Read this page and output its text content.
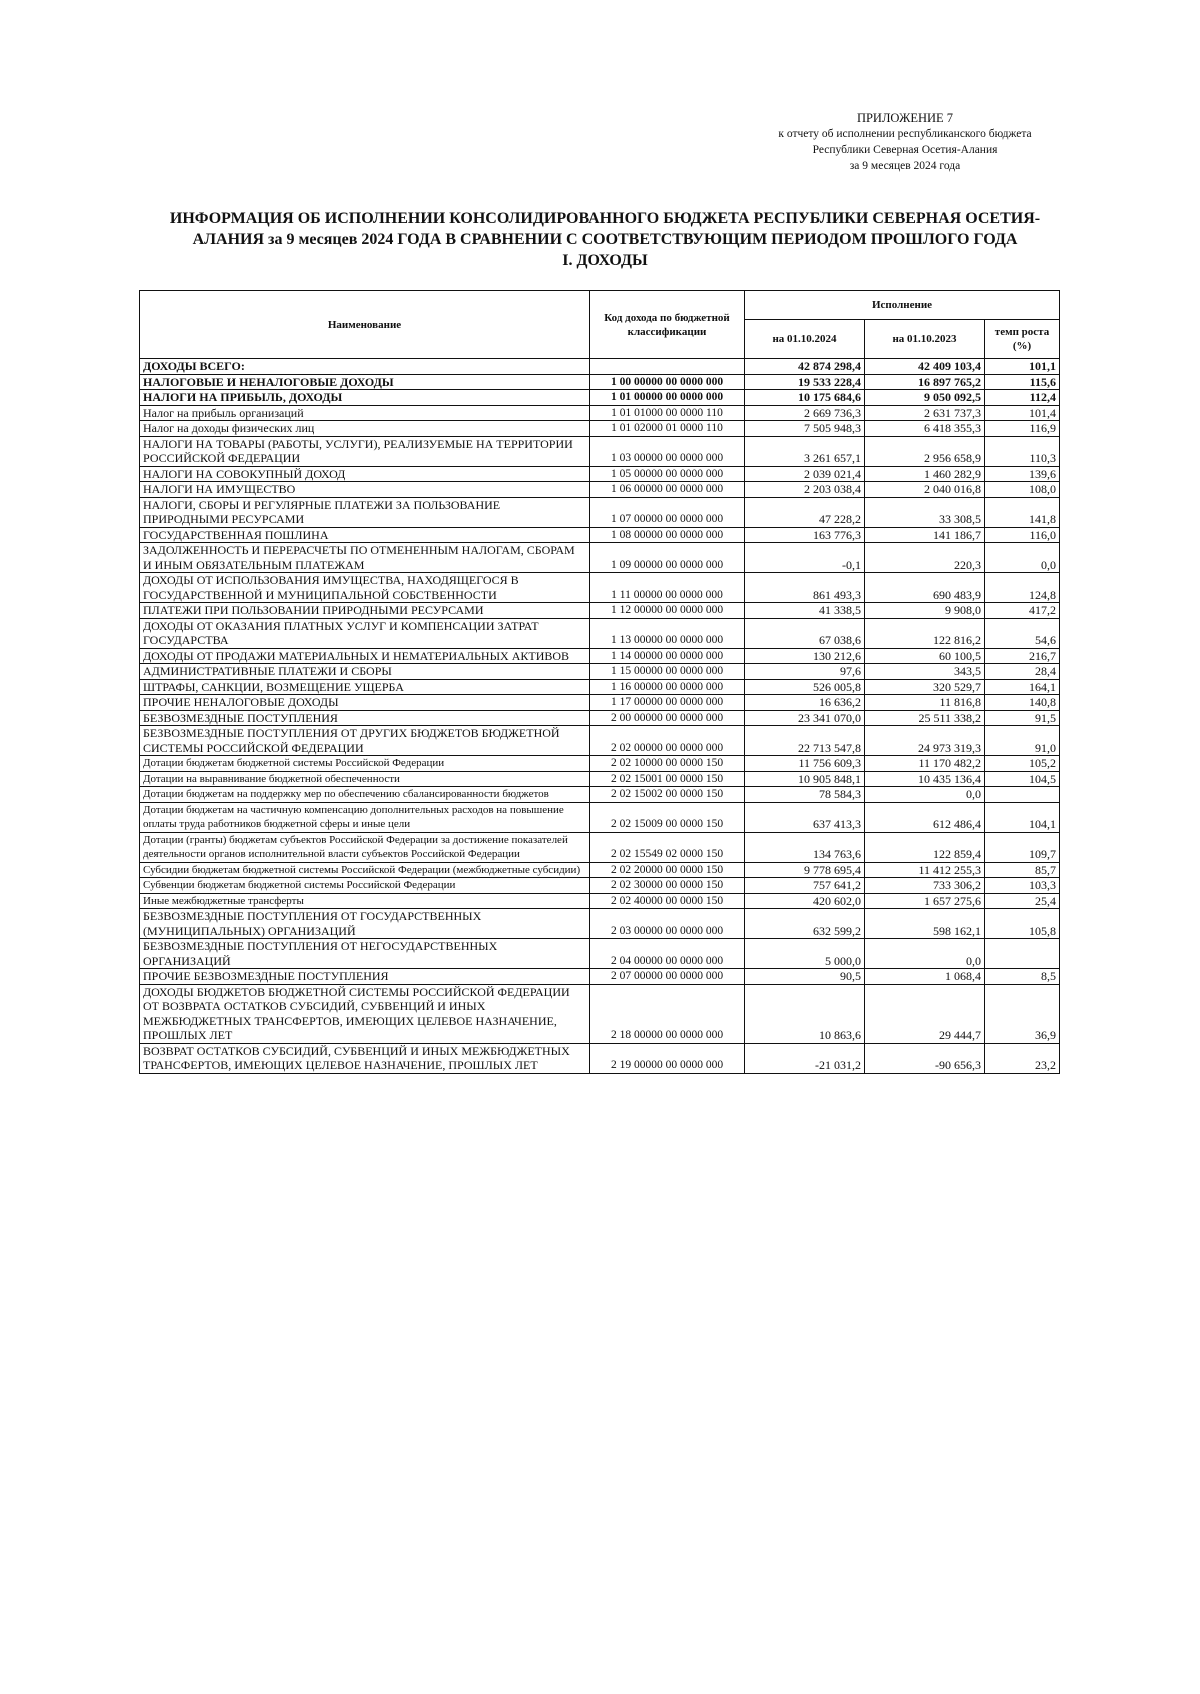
ПРИЛОЖЕНИЕ 7
к отчету об исполнении республиканского бюджета
Республики Северная Осетия-Алания
за 9 месяцев 2024 года
ИНФОРМАЦИЯ ОБ ИСПОЛНЕНИИ КОНСОЛИДИРОВАННОГО БЮДЖЕТА РЕСПУБЛИКИ СЕВЕРНАЯ ОСЕТИЯ-
АЛАНИЯ за 9 месяцев 2024 ГОДА В СРАВНЕНИИ С СООТВЕТСТВУЮЩИМ ПЕРИОДОМ ПРОШЛОГО ГОДА
I. ДОХОДЫ
Наименование	Код дохода по бюджетной классификации	Исполнение		
		на 01.10.2024	на 01.10.2023	темп роста (%)
ДОХОДЫ ВСЕГО:		42 874 298,4	42 409 103,4	101,1
НАЛОГОВЫЕ И НЕНАЛОГОВЫЕ ДОХОДЫ	1 00 00000 00 0000 000	19 533 228,4	16 897 765,2	115,6
НАЛОГИ НА ПРИБЫЛЬ, ДОХОДЫ	1 01 00000 00 0000 000	10 175 684,6	9 050 092,5	112,4
Налог на прибыль организаций	1 01 01000 00 0000 110	2 669 736,3	2 631 737,3	101,4
Налог на доходы физических лиц	1 01 02000 01 0000 110	7 505 948,3	6 418 355,3	116,9
НАЛОГИ НА ТОВАРЫ (РАБОТЫ, УСЛУГИ), РЕАЛИЗУЕМЫЕ НА ТЕРРИТОРИИ РОССИЙСКОЙ ФЕДЕРАЦИИ	1 03 00000 00 0000 000	3 261 657,1	2 956 658,9	110,3
НАЛОГИ НА СОВОКУПНЫЙ ДОХОД	1 05 00000 00 0000 000	2 039 021,4	1 460 282,9	139,6
НАЛОГИ НА ИМУЩЕСТВО	1 06 00000 00 0000 000	2 203 038,4	2 040 016,8	108,0
НАЛОГИ, СБОРЫ И РЕГУЛЯРНЫЕ ПЛАТЕЖИ ЗА ПОЛЬЗОВАНИЕ ПРИРОДНЫМИ РЕСУРСАМИ	1 07 00000 00 0000 000	47 228,2	33 308,5	141,8
ГОСУДАРСТВЕННАЯ ПОШЛИНА	1 08 00000 00 0000 000	163 776,3	141 186,7	116,0
ЗАДОЛЖЕННОСТЬ И ПЕРЕРАСЧЕТЫ ПО ОТМЕНЕННЫМ НАЛОГАМ, СБОРАМ И ИНЫМ ОБЯЗАТЕЛЬНЫМ ПЛАТЕЖАМ	1 09 00000 00 0000 000	-0,1	220,3	0,0
ДОХОДЫ ОТ ИСПОЛЬЗОВАНИЯ ИМУЩЕСТВА, НАХОДЯЩЕГОСЯ В ГОСУДАРСТВЕННОЙ И МУНИЦИПАЛЬНОЙ СОБСТВЕННОСТИ	1 11 00000 00 0000 000	861 493,3	690 483,9	124,8
ПЛАТЕЖИ ПРИ ПОЛЬЗОВАНИИ ПРИРОДНЫМИ РЕСУРСАМИ	1 12 00000 00 0000 000	41 338,5	9 908,0	417,2
ДОХОДЫ ОТ ОКАЗАНИЯ ПЛАТНЫХ УСЛУГ И КОМПЕНСАЦИИ ЗАТРАТ ГОСУДАРСТВА	1 13 00000 00 0000 000	67 038,6	122 816,2	54,6
ДОХОДЫ ОТ ПРОДАЖИ МАТЕРИАЛЬНЫХ И НЕМАТЕРИАЛЬНЫХ АКТИВОВ	1 14 00000 00 0000 000	130 212,6	60 100,5	216,7
АДМИНИСТРАТИВНЫЕ ПЛАТЕЖИ И СБОРЫ	1 15 00000 00 0000 000	97,6	343,5	28,4
ШТРАФЫ, САНКЦИИ, ВОЗМЕЩЕНИЕ УЩЕРБА	1 16 00000 00 0000 000	526 005,8	320 529,7	164,1
ПРОЧИЕ НЕНАЛОГОВЫЕ ДОХОДЫ	1 17 00000 00 0000 000	16 636,2	11 816,8	140,8
БЕЗВОЗМЕЗДНЫЕ ПОСТУПЛЕНИЯ	2 00 00000 00 0000 000	23 341 070,0	25 511 338,2	91,5
БЕЗВОЗМЕЗДНЫЕ ПОСТУПЛЕНИЯ ОТ ДРУГИХ БЮДЖЕТОВ БЮДЖЕТНОЙ СИСТЕМЫ РОССИЙСКОЙ ФЕДЕРАЦИИ	2 02 00000 00 0000 000	22 713 547,8	24 973 319,3	91,0
Дотации бюджетам бюджетной системы Российской Федерации	2 02 10000 00 0000 150	11 756 609,3	11 170 482,2	105,2
Дотации на выравнивание бюджетной обеспеченности	2 02 15001 00 0000 150	10 905 848,1	10 435 136,4	104,5
Дотации бюджетам на поддержку мер по обеспечению сбалансированности бюджетов	2 02 15002 00 0000 150	78 584,3	0,0	
Дотации бюджетам на частичную компенсацию дополнительных расходов на повышение оплаты труда работников бюджетной сферы и иные цели	2 02 15009 00 0000 150	637 413,3	612 486,4	104,1
Дотации (гранты) бюджетам субъектов Российской Федерации за достижение показателей деятельности органов исполнительной власти субъектов Российской Федерации	2 02 15549 02 0000 150	134 763,6	122 859,4	109,7
Субсидии бюджетам бюджетной системы Российской Федерации (межбюджетные субсидии)	2 02 20000 00 0000 150	9 778 695,4	11 412 255,3	85,7
Субвенции бюджетам бюджетной системы Российской Федерации	2 02 30000 00 0000 150	757 641,2	733 306,2	103,3
Иные межбюджетные трансферты	2 02 40000 00 0000 150	420 602,0	1 657 275,6	25,4
БЕЗВОЗМЕЗДНЫЕ ПОСТУПЛЕНИЯ ОТ ГОСУДАРСТВЕННЫХ (МУНИЦИПАЛЬНЫХ) ОРГАНИЗАЦИЙ	2 03 00000 00 0000 000	632 599,2	598 162,1	105,8
БЕЗВОЗМЕЗДНЫЕ ПОСТУПЛЕНИЯ ОТ НЕГОСУДАРСТВЕННЫХ ОРГАНИЗАЦИЙ	2 04 00000 00 0000 000	5 000,0	0,0	
ПРОЧИЕ БЕЗВОЗМЕЗДНЫЕ ПОСТУПЛЕНИЯ	2 07 00000 00 0000 000	90,5	1 068,4	8,5
ДОХОДЫ БЮДЖЕТОВ БЮДЖЕТНОЙ СИСТЕМЫ РОССИЙСКОЙ ФЕДЕРАЦИИ ОТ ВОЗВРАТА ОСТАТКОВ СУБСИДИЙ, СУБВЕНЦИЙ И ИНЫХ МЕЖБЮДЖЕТНЫХ ТРАНСФЕРТОВ, ИМЕЮЩИХ ЦЕЛЕВОЕ НАЗНАЧЕНИЕ, ПРОШЛЫХ ЛЕТ	2 18 00000 00 0000 000	10 863,6	29 444,7	36,9
ВОЗВРАТ ОСТАТКОВ СУБСИДИЙ, СУБВЕНЦИЙ И ИНЫХ МЕЖБЮДЖЕТНЫХ ТРАНСФЕРТОВ, ИМЕЮЩИХ ЦЕЛЕВОЕ НАЗНАЧЕНИЕ, ПРОШЛЫХ ЛЕТ	2 19 00000 00 0000 000	-21 031,2	-90 656,3	23,2
